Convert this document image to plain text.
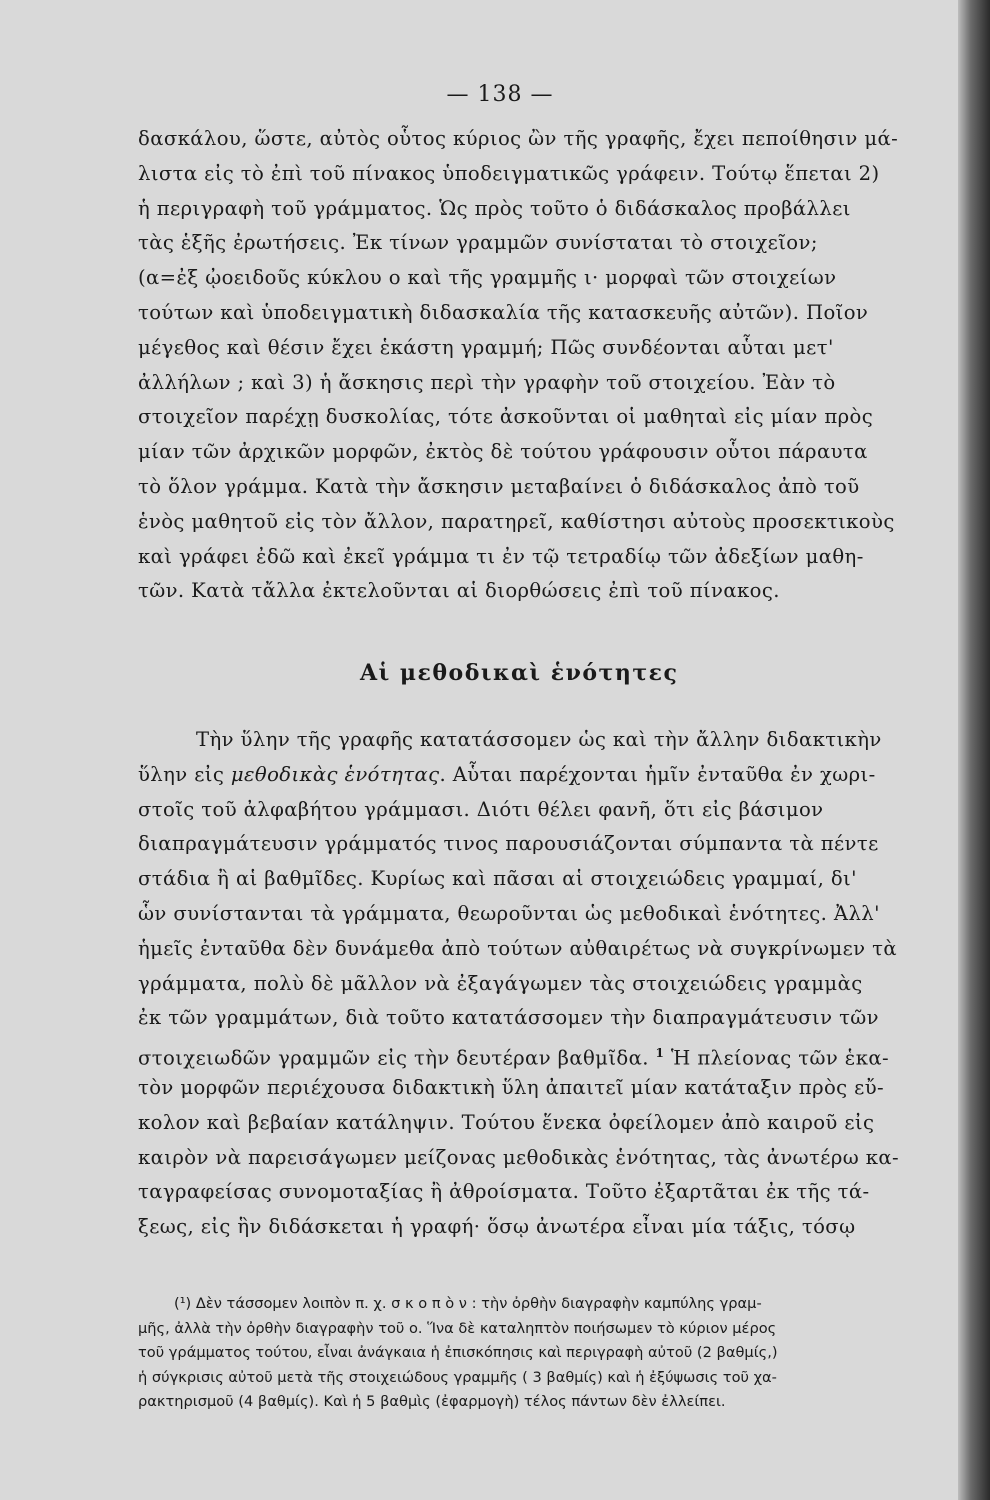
— 138 —
δασκάλου, ὥστε, αὐτὸς οὗτος κύριος ὢν τῆς γραφῆς, ἔχει πεποίθησιν μά-
λιστα εἰς τὸ ἐπὶ τοῦ πίνακος ὑποδειγματικῶς γράφειν. Τούτῳ ἕπεται 2)
ἡ περιγραφὴ τοῦ γράμματος. Ὡς πρὸς τοῦτο ὁ διδάσκαλος προβάλλει
τὰς ἑξῆς ἐρωτήσεις. Ἐκ τίνων γραμμῶν συνίσταται τὸ στοιχεῖον;
(α=ἐξ ᾠοειδοῦς κύκλου ο καὶ τῆς γραμμῆς ι· μορφαὶ τῶν στοιχείων
τούτων καὶ ὑποδειγματικὴ διδασκαλία τῆς κατασκευῆς αὐτῶν). Ποῖον
μέγεθος καὶ θέσιν ἔχει ἑκάστη γραμμή; Πῶς συνδέονται αὗται μετ'
ἀλλήλων ; καὶ 3) ἡ ἄσκησις περὶ τὴν γραφὴν τοῦ στοιχείου. Ἐὰν τὸ
στοιχεῖον παρέχῃ δυσκολίας, τότε ἀσκοῦνται οἱ μαθηταὶ εἰς μίαν πρὸς
μίαν τῶν ἀρχικῶν μορφῶν, ἐκτὸς δὲ τούτου γράφουσιν οὗτοι πάραυτα
τὸ ὅλον γράμμα. Κατὰ τὴν ἄσκησιν μεταβαίνει ὁ διδάσκαλος ἀπὸ τοῦ
ἑνὸς μαθητοῦ εἰς τὸν ἄλλον, παρατηρεῖ, καθίστησι αὐτοὺς προσεκτικοὺς
καὶ γράφει ἐδῶ καὶ ἐκεῖ γράμμα τι ἐν τῷ τετραδίῳ τῶν ἀδεξίων μαθη-
τῶν. Κατὰ τἄλλα ἐκτελοῦνται αἱ διορθώσεις ἐπὶ τοῦ πίνακος.
Αἱ μεθοδικαὶ ἑνότητες
Τὴν ὕλην τῆς γραφῆς κατατάσσομεν ὡς καὶ τὴν ἄλλην διδακτικὴν
ὕλην εἰς μεθοδικὰς ἑνότητας. Αὗται παρέχονται ἡμῖν ἐνταῦθα ἐν χωρι-
στοῖς τοῦ ἀλφαβήτου γράμμασι. Διότι θέλει φανῆ, ὅτι εἰς βάσιμον
διαπραγμάτευσιν γράμματός τινος παρουσιάζονται σύμπαντα τὰ πέντε
στάδια ἢ αἱ βαθμῖδες. Κυρίως καὶ πᾶσαι αἱ στοιχειώδεις γραμμαί, δι'
ὧν συνίστανται τὰ γράμματα, θεωροῦνται ὡς μεθοδικαὶ ἑνότητες. Ἀλλ'
ἡμεῖς ἐνταῦθα δὲν δυνάμεθα ἀπὸ τούτων αὐθαιρέτως νὰ συγκρίνωμεν τὰ
γράμματα, πολὺ δὲ μᾶλλον νὰ ἐξαγάγωμεν τὰς στοιχειώδεις γραμμὰς
ἐκ τῶν γραμμάτων, διὰ τοῦτο κατατάσσομεν τὴν διαπραγμάτευσιν τῶν
στοιχειωδῶν γραμμῶν εἰς τὴν δευτέραν βαθμῖδα. $^1$ Ἡ πλείονας τῶν ἑκα-
τὸν μορφῶν περιέχουσα διδακτικὴ ὕλη ἀπαιτεῖ μίαν κατάταξιν πρὸς εὔ-
κολον καὶ βεβαίαν κατάληψιν. Τούτου ἕνεκα ὀφείλομεν ἀπὸ καιροῦ εἰς
καιρὸν νὰ παρεισάγωμεν μείζονας μεθοδικὰς ἑνότητας, τὰς ἀνωτέρω κα-
ταγραφείσας συνομοταξίας ἢ ἀθροίσματα. Τοῦτο ἐξαρτᾶται ἐκ τῆς τά-
ξεως, εἰς ἣν διδάσκεται ἡ γραφή· ὅσῳ ἀνωτέρα εἶναι μία τάξις, τόσῳ
(¹) Δὲν τάσσομεν λοιπὸν π. χ. σ κ ο π ὸ ν : τὴν ὀρθὴν διαγραφὴν καμπύλης γραμ-
μῆς, ἀλλὰ τὴν ὀρθὴν διαγραφὴν τοῦ ο. Ἵνα δὲ καταληπτὸν ποιήσωμεν τὸ κύριον μέρος
τοῦ γράμματος τούτου, εἶναι ἀνάγκαια ἡ ἐπισκόπησις καὶ περιγραφὴ αὐτοῦ (2 βαθμίς,)
ἡ σύγκρισις αὐτοῦ μετὰ τῆς στοιχειώδους γραμμῆς ( 3 βαθμίς) καὶ ἡ ἐξύψωσις τοῦ χα-
ρακτηρισμοῦ (4 βαθμίς). Καὶ ἡ 5 βαθμὶς (ἐφαρμογὴ) τέλος πάντων δὲν ἐλλείπει.
